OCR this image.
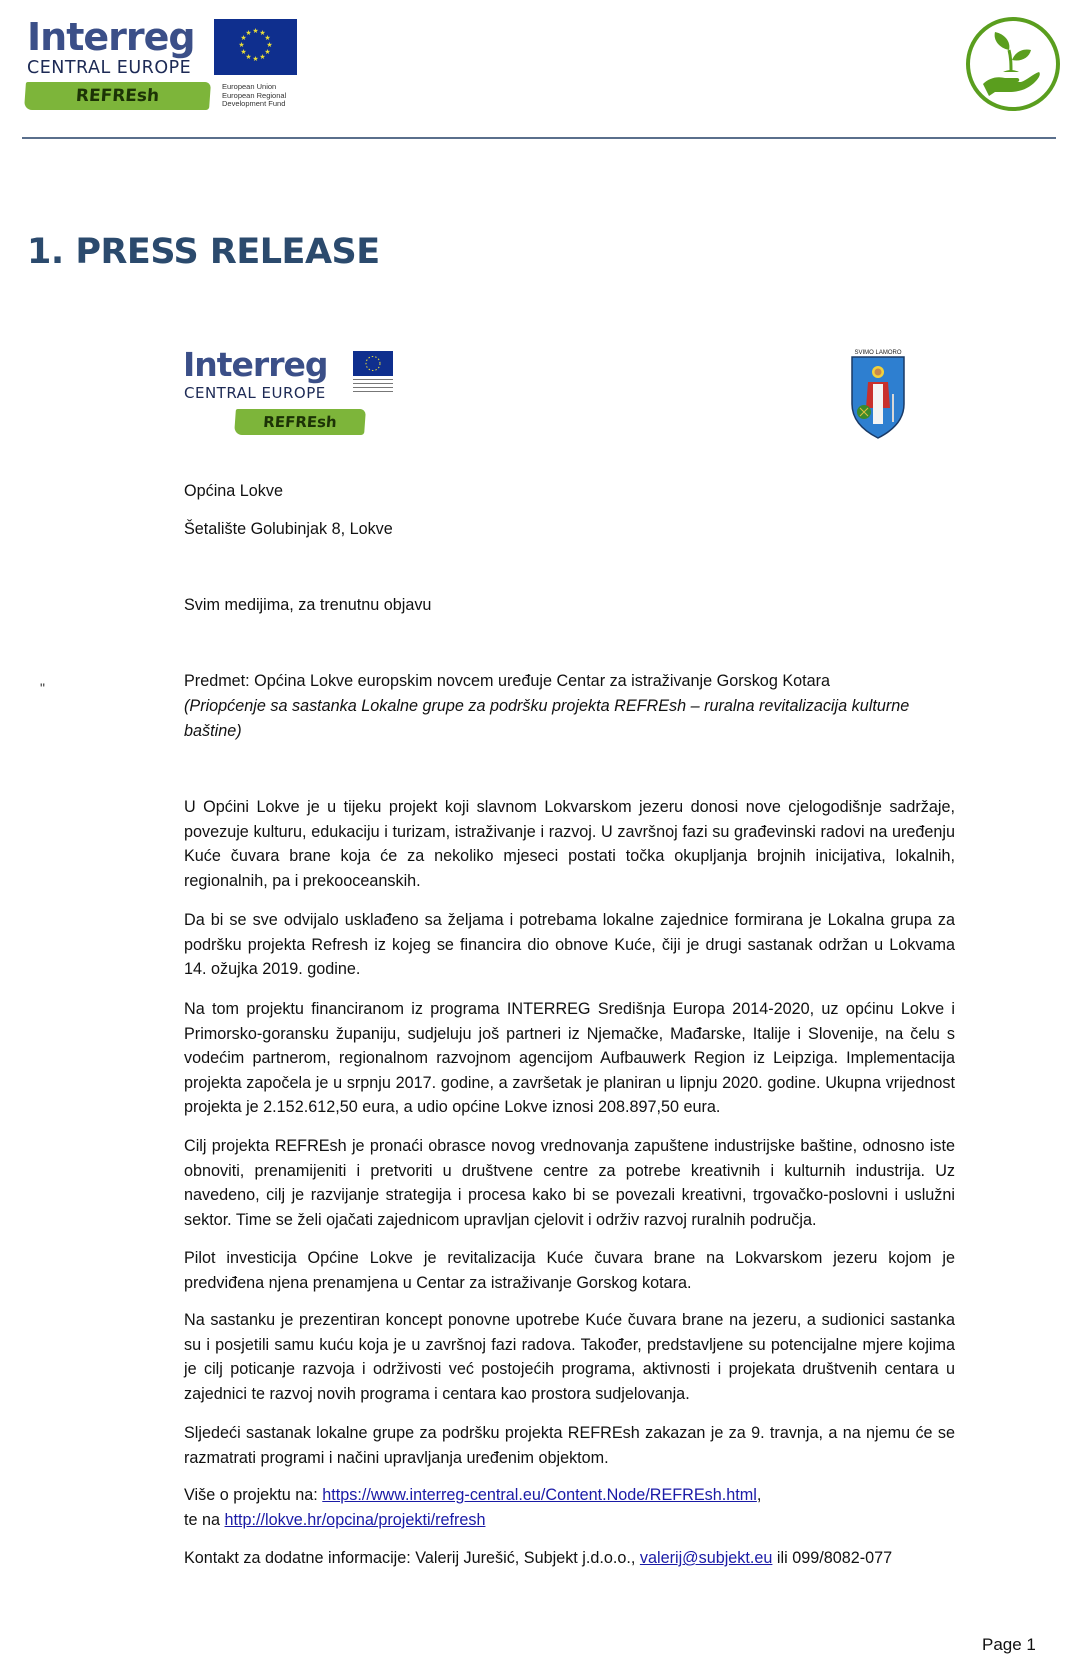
Interreg
CENTRAL EUROPE
★ ★
★
★
★
★
★
★
★
★
★
★
REFREsh	European Union
European Regional
Development Fund
1. PRESS RELEASE
Interreg
CENTRAL EUROPE
REFREsh
SVIMO LAMORO
Općina Lokve
Šetalište Golubinjak 8, Lokve
Svim medijima, za trenutnu objavu
"	Predmet: Općina Lokve europskim novcem uređuje Centar za istraživanje Gorskog Kotara
(Priopćenje sa sastanka Lokalne grupe za podršku projekta REFREsh – ruralna revitalizacija kulturne baštine)
U Općini Lokve je u tijeku projekt koji slavnom Lokvarskom jezeru donosi nove cjelogodišnje sadržaje, povezuje kulturu, edukaciju i turizam, istraživanje i razvoj. U završnoj fazi su građevinski radovi na uređenju Kuće čuvara brane koja će za nekoliko mjeseci postati točka okupljanja brojnih inicijativa, lokalnih, regionalnih, pa i prekooceanskih.
Da bi se sve odvijalo usklađeno sa željama i potrebama lokalne zajednice formirana je Lokalna grupa za podršku projekta Refresh iz kojeg se financira dio obnove Kuće, čiji je drugi sastanak održan u Lokvama 14. ožujka 2019. godine.
Na tom projektu financiranom iz programa INTERREG Središnja Europa 2014-2020, uz općinu Lokve i Primorsko-goransku županiju, sudjeluju još partneri iz Njemačke, Mađarske, Italije i Slovenije, na čelu s vodećim partnerom, regionalnom razvojnom agencijom Aufbauwerk Region iz Leipziga. Implementacija projekta započela je u srpnju 2017. godine, a završetak je planiran u lipnju 2020. godine. Ukupna vrijednost projekta je 2.152.612,50 eura, a udio općine Lokve iznosi 208.897,50 eura.
Cilj projekta REFREsh je pronaći obrasce novog vrednovanja zapuštene industrijske baštine, odnosno iste obnoviti, prenamijeniti i pretvoriti u društvene centre za potrebe kreativnih i kulturnih industrija. Uz navedeno, cilj je razvijanje strategija i procesa kako bi se povezali kreativni, trgovačko-poslovni i uslužni sektor. Time se želi ojačati zajednicom upravljan cjelovit i održiv razvoj ruralnih područja.
Pilot investicija Općine Lokve je revitalizacija Kuće čuvara brane na Lokvarskom jezeru kojom je predviđena njena prenamjena u Centar za istraživanje Gorskog kotara.
Na sastanku je prezentiran koncept ponovne upotrebe Kuće čuvara brane na jezeru, a sudionici sastanka su i posjetili samu kuću koja je u završnoj fazi radova. Također, predstavljene su potencijalne mjere kojima je cilj poticanje razvoja i održivosti već postojećih programa, aktivnosti i projekata društvenih centara u zajednici te razvoj novih programa i centara kao prostora sudjelovanja.
Sljedeći sastanak lokalne grupe za podršku projekta REFREsh zakazan je za 9. travnja, a na njemu će se razmatrati programi i načini upravljanja uređenim objektom.
Više o projektu na: https://www.interreg-central.eu/Content.Node/REFREsh.html,
te na http://lokve.hr/opcina/projekti/refresh
Kontakt za dodatne informacije: Valerij Jurešić, Subjekt j.d.o.o., valerij@subjekt.eu ili 099/8082-077
Page 1
